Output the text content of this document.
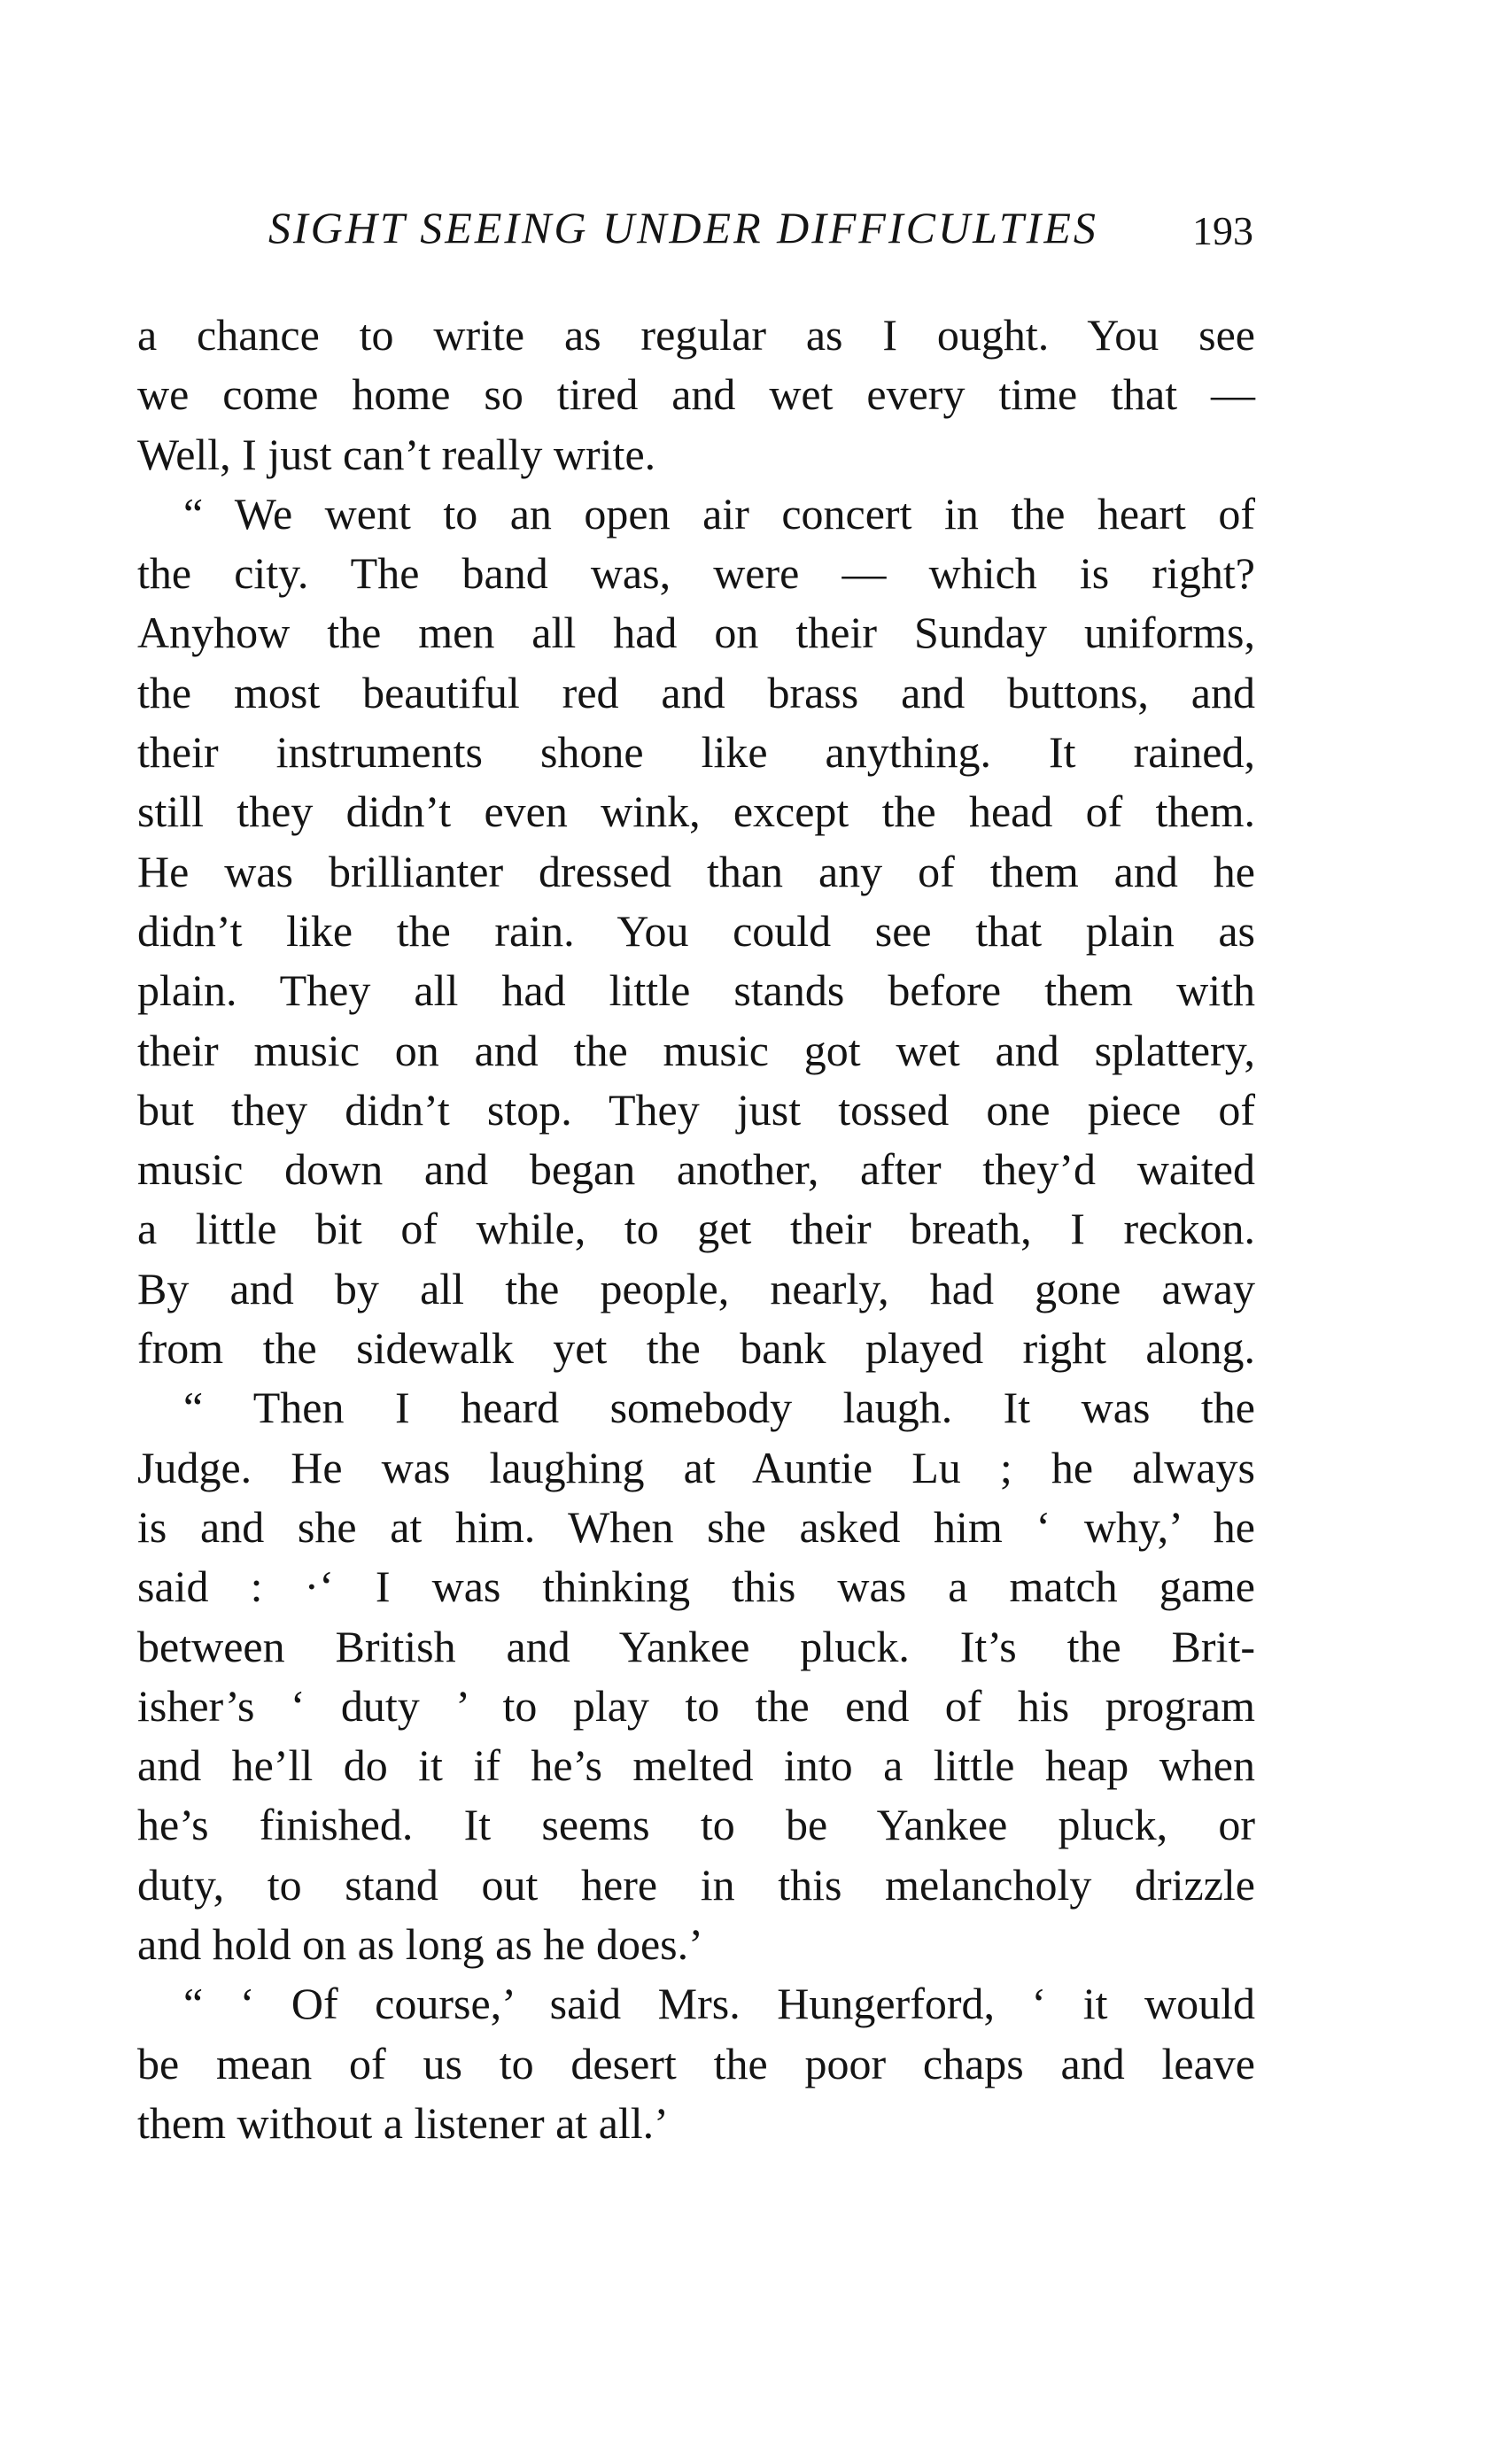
SIGHT SEEING UNDER DIFFICULTIES 193
a chance to write as regular as I ought. You see
we come home so tired and wet every time that —
Well, I just can’t really write.
“ We went to an open air concert in the heart of
the city. The band was, were — which is right?
Anyhow the men all had on their Sunday uniforms,
the most beautiful red and brass and buttons, and
their instruments shone like anything. It rained,
still they didn’t even wink, except the head of them.
He was brillianter dressed than any of them and he
didn’t like the rain. You could see that plain as
plain. They all had little stands before them with
their music on and the music got wet and splattery,
but they didn’t stop. They just tossed one piece of
music down and began another, after they’d waited
a little bit of while, to get their breath, I reckon.
By and by all the people, nearly, had gone away
from the sidewalk yet the bank played right along.
“ Then I heard somebody laugh. It was the
Judge. He was laughing at Auntie Lu ; he always
is and she at him. When she asked him ‘ why,’ he
said : ·‘ I was thinking this was a match game
between British and Yankee pluck. It’s the Brit-
isher’s ‘ duty ’ to play to the end of his program
and he’ll do it if he’s melted into a little heap when
he’s finished. It seems to be Yankee pluck, or
duty, to stand out here in this melancholy drizzle
and hold on as long as he does.’
“ ‘ Of course,’ said Mrs. Hungerford, ‘ it would
be mean of us to desert the poor chaps and leave
them without a listener at all.’
